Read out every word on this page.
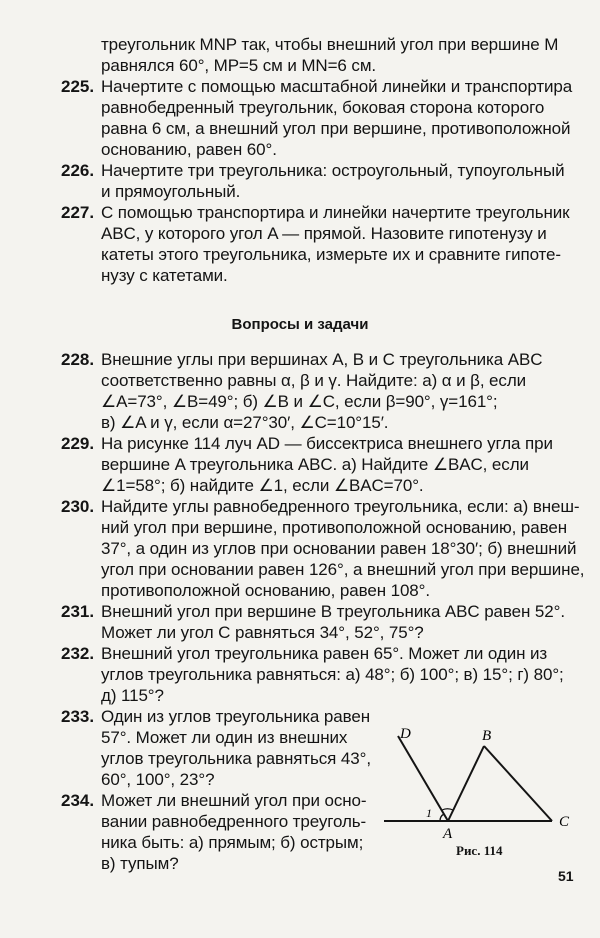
треугольник MNP так, чтобы внешний угол при вершине M
равнялся 60°, MP=5 см и MN=6 см.
225. Начертите с помощью масштабной линейки и транспортира
равнобедренный треугольник, боковая сторона которого
равна 6 см, а внешний угол при вершине, противоположной
основанию, равен 60°.
226. Начертите три треугольника: остроугольный, тупоугольный
и прямоугольный.
227. С помощью транспортира и линейки начертите треугольник
ABC, у которого угол A — прямой. Назовите гипотенузу и
катеты этого треугольника, измерьте их и сравните гипоте-
нузу с катетами.
Вопросы и задачи
228. Внешние углы при вершинах A, B и C треугольника ABC
соответственно равны α, β и γ. Найдите: а) α и β, если
∠A=73°, ∠B=49°; б) ∠B и ∠C, если β=90°, γ=161°;
в) ∠A и γ, если α=27°30′, ∠C=10°15′.
229. На рисунке 114 луч AD — биссектриса внешнего угла при
вершине A треугольника ABC. а) Найдите ∠BAC, если
∠1=58°; б) найдите ∠1, если ∠BAC=70°.
230. Найдите углы равнобедренного треугольника, если: а) внеш-
ний угол при вершине, противоположной основанию, равен
37°, а один из углов при основании равен 18°30′; б) внешний
угол при основании равен 126°, а внешний угол при вершине,
противоположной основанию, равен 108°.
231. Внешний угол при вершине B треугольника ABC равен 52°.
Может ли угол C равняться 34°, 52°, 75°?
232. Внешний угол треугольника равен 65°. Может ли один из
углов треугольника равняться: а) 48°; б) 100°; в) 15°; г) 80°;
д) 115°?
233. Один из углов треугольника равен
57°. Может ли один из внешних
углов треугольника равняться 43°,
60°, 100°, 23°?
234. Может ли внешний угол при осно-
вании равнобедренного треуголь-
ника быть: а) прямым; б) острым;
в) тупым?
D	B
A
C
1
Рис. 114
51
